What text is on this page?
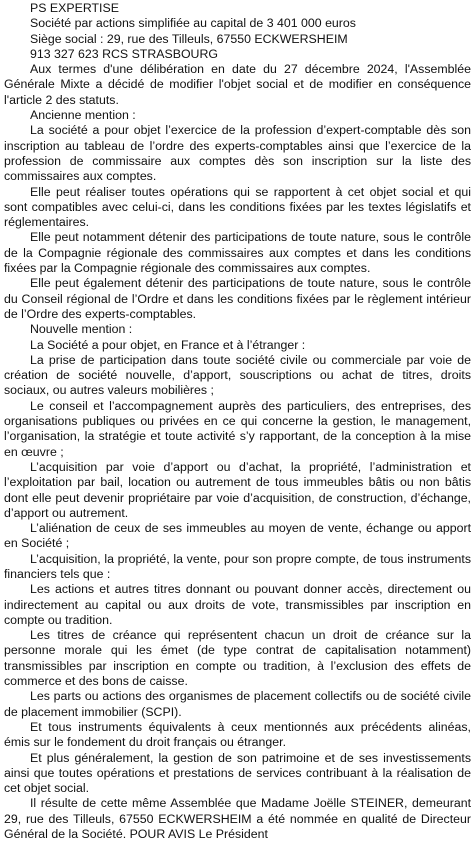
PS EXPERTISE

Société par actions simplifiée au capital de 3 401 000 euros

Siège social : 29, rue des Tilleuls, 67550 ECKWERSHEIM

913 327 623 RCS STRASBOURG

Aux termes d'une délibération en date du 27 décembre 2024, l'Assemblée Générale Mixte a décidé de modifier l'objet social et de modifier en conséquence l'article 2 des statuts.

Ancienne mention :

La société a pour objet l’exercice de la profession d’expert-comptable dès son inscription au tableau de l’ordre des experts-comptables ainsi que l’exercice de la profession de commissaire aux comptes dès son inscription sur la liste des commissaires aux comptes.

Elle peut réaliser toutes opérations qui se rapportent à cet objet social et qui sont compatibles avec celui-ci, dans les conditions fixées par les textes législatifs et réglementaires.

Elle peut notamment détenir des participations de toute nature, sous le contrôle de la Compagnie régionale des commissaires aux comptes et dans les conditions fixées par la Compagnie régionale des commissaires aux comptes.

Elle peut également détenir des participations de toute nature, sous le contrôle du Conseil régional de l’Ordre et dans les conditions fixées par le règlement intérieur de l’Ordre des experts-comptables.

Nouvelle mention :

La Société a pour objet, en France et à l’étranger :

La prise de participation dans toute société civile ou commerciale par voie de création de société nouvelle, d’apport, souscriptions ou achat de titres, droits sociaux, ou autres valeurs mobilières ;

Le conseil et l’accompagnement auprès des particuliers, des entreprises, des organisations publiques ou privées en ce qui concerne la gestion, le management, l’organisation, la stratégie et toute activité s’y rapportant, de la conception à la mise en œuvre ;

L’acquisition par voie d’apport ou d’achat, la propriété, l’administration et l’exploitation par bail, location ou autrement de tous immeubles bâtis ou non bâtis dont elle peut devenir propriétaire par voie d’acquisition, de construction, d’échange, d’apport ou autrement.

L’aliénation de ceux de ses immeubles au moyen de vente, échange ou apport en Société ;

L’acquisition, la propriété, la vente, pour son propre compte, de tous instruments financiers tels que :

Les actions et autres titres donnant ou pouvant donner accès, directement ou indirectement au capital ou aux droits de vote, transmissibles par inscription en compte ou tradition.

Les titres de créance qui représentent chacun un droit de créance sur la personne morale qui les émet (de type contrat de capitalisation notamment) transmissibles par inscription en compte ou tradition, à l’exclusion des effets de commerce et des bons de caisse.

Les parts ou actions des organismes de placement collectifs ou de société civile de placement immobilier (SCPI).

Et tous instruments équivalents à ceux mentionnés aux précédents alinéas, émis sur le fondement du droit français ou étranger.

Et plus généralement, la gestion de son patrimoine et de ses investissements ainsi que toutes opérations et prestations de services contribuant à la réalisation de cet objet social.

Il résulte de cette même Assemblée que Madame Joëlle STEINER, demeurant 29, rue des Tilleuls, 67550 ECKWERSHEIM a été nommée en qualité de Directeur Général de la Société. POUR AVIS Le Président
